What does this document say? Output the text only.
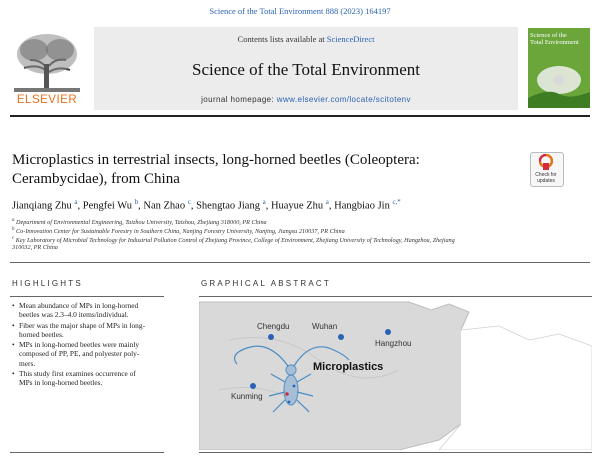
Science of the Total Environment 888 (2023) 164197
ELSEVIER
Contents lists available at ScienceDirect
Science of the Total Environment
journal homepage: www.elsevier.com/locate/scitotenv
Science of the
Total Environment
Microplastics in terrestrial insects, long-horned beetles (Coleoptera:
Cerambycidae), from China	Check for
updates
Jianqiang Zhu $^a$, Pengfei Wu $^b$, Nan Zhao $^c$, Shengtao Jiang $^a$, Huayue Zhu $^a$, Hangbiao Jin $^{c,*}$
$^a$ Department of Environmental Engineering, Taizhou University, Taizhou, Zhejiang 318000, PR China
$^b$ Co-Innovation Center for Sustainable Forestry in Southern China, Nanjing Forestry University, Nanjing, Jiangsu 210037, PR China
$^c$ Key Laboratory of Microbial Technology for Industrial Pollution Control of Zhejiang Province, College of Environment, Zhejiang University of Technology, Hangzhou, Zhejiang
310032, PR China
HIGHLIGHTS
• Mean abundance of MPs in long-horned
beetles was 2.3–4.0 items/individual.
• Fiber was the major shape of MPs in long-
horned beetles.
• MPs in long-horned beetles were mainly
composed of PP, PE, and polyester poly-
mers.
• This study first examines occurrence of
MPs in long-horned beetles.
GRAPHICAL ABSTRACT
Chengdu	Wuhan
Hangzhou
Kunming
Microplastics
